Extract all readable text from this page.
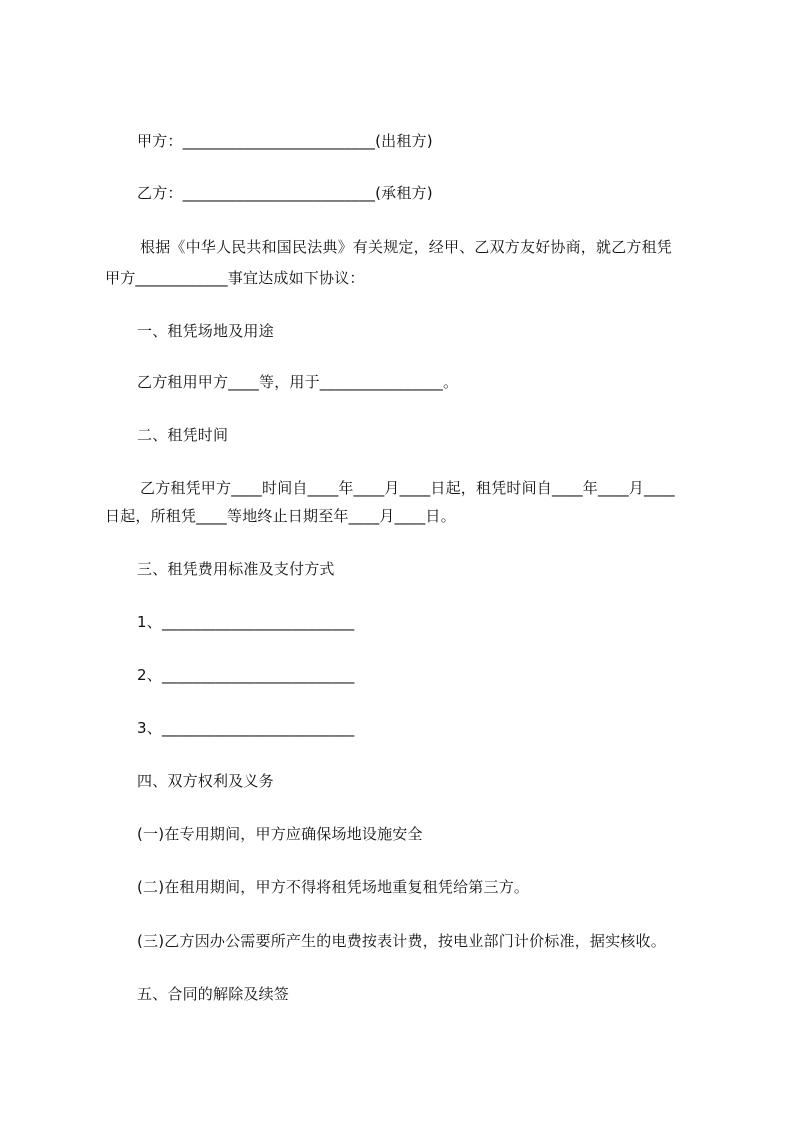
甲方：_________________________(出租方)
乙方：_________________________(承租方)
根据《中华人民共和国民法典》有关规定，经甲、乙双方友好协商，就乙方租凭
甲方____________事宜达成如下协议：
一、租凭场地及用途
乙方租用甲方____等，用于________________。
二、租凭时间
乙方租凭甲方____时间自____年____月____日起，租凭时间自____年____月____
日起，所租凭____等地终止日期至年____月____日。
三、租凭费用标准及支付方式
1、_________________________
2、_________________________
3、_________________________
四、双方权利及义务
(一)在专用期间，甲方应确保场地设施安全
(二)在租用期间，甲方不得将租凭场地重复租凭给第三方。
(三)乙方因办公需要所产生的电费按表计费，按电业部门计价标准，据实核收。
五、合同的解除及续签
